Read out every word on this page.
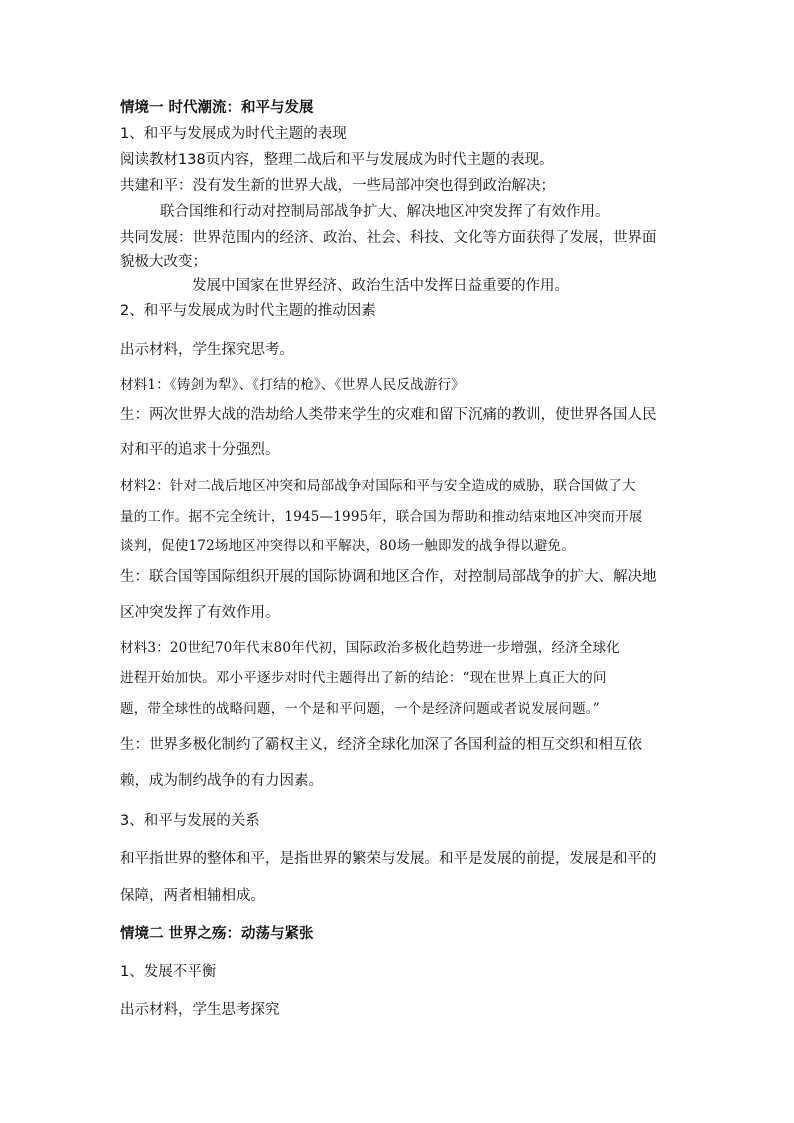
情境一 时代潮流：和平与发展
1、和平与发展成为时代主题的表现
阅读教材138页内容，整理二战后和平与发展成为时代主题的表现。
共建和平：没有发生新的世界大战，一些局部冲突也得到政治解决；
联合国维和行动对控制局部战争扩大、解决地区冲突发挥了有效作用。
共同发展：世界范围内的经济、政治、社会、科技、文化等方面获得了发展，世界面
貌极大改变；
发展中国家在世界经济、政治生活中发挥日益重要的作用。
2、和平与发展成为时代主题的推动因素
出示材料，学生探究思考。
材料1：《铸剑为犁》、《打结的枪》、《世界人民反战游行》
生：两次世界大战的浩劫给人类带来学生的灾难和留下沉痛的教训，使世界各国人民
对和平的追求十分强烈。
材料2：针对二战后地区冲突和局部战争对国际和平与安全造成的威胁，联合国做了大
量的工作。据不完全统计，1945—1995年，联合国为帮助和推动结束地区冲突而开展
谈判，促使172场地区冲突得以和平解决，80场一触即发的战争得以避免。
生：联合国等国际组织开展的国际协调和地区合作，对控制局部战争的扩大、解决地
区冲突发挥了有效作用。
材料3：20世纪70年代末80年代初，国际政治多极化趋势进一步增强，经济全球化
进程开始加快。邓小平逐步对时代主题得出了新的结论：“现在世界上真正大的问
题，带全球性的战略问题，一个是和平问题，一个是经济问题或者说发展问题。”
生：世界多极化制约了霸权主义，经济全球化加深了各国利益的相互交织和相互依
赖，成为制约战争的有力因素。
3、和平与发展的关系
和平指世界的整体和平，是指世界的繁荣与发展。和平是发展的前提，发展是和平的
保障，两者相辅相成。
情境二 世界之殇：动荡与紧张
1、发展不平衡
出示材料，学生思考探究
